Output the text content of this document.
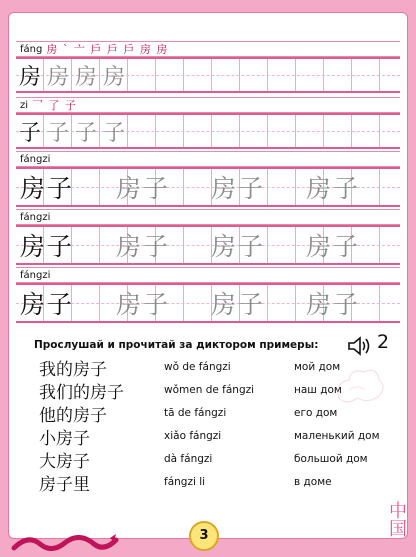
fáng 房 ˋ 亠 戶 戶 戶 房 房
房 房 房 房
zi 乛 了 子
子 子 子 子
fángzi
房子 房子 房子 房子
fángzi
房子 房子 房子 房子
fángzi
房子 房子 房子 房子
Прослушай и прочитай за диктором примеры:	2
我的房子	wǒ de fángzi	мой дом
我们的房子	wǒmen de fángzi	наш дом
他的房子	tā de fángzi	его дом
小房子	xiǎo fángzi	маленький дом
大房子	dà fángzi	большой дом
房子里	fángzi li	в доме
中国
3
